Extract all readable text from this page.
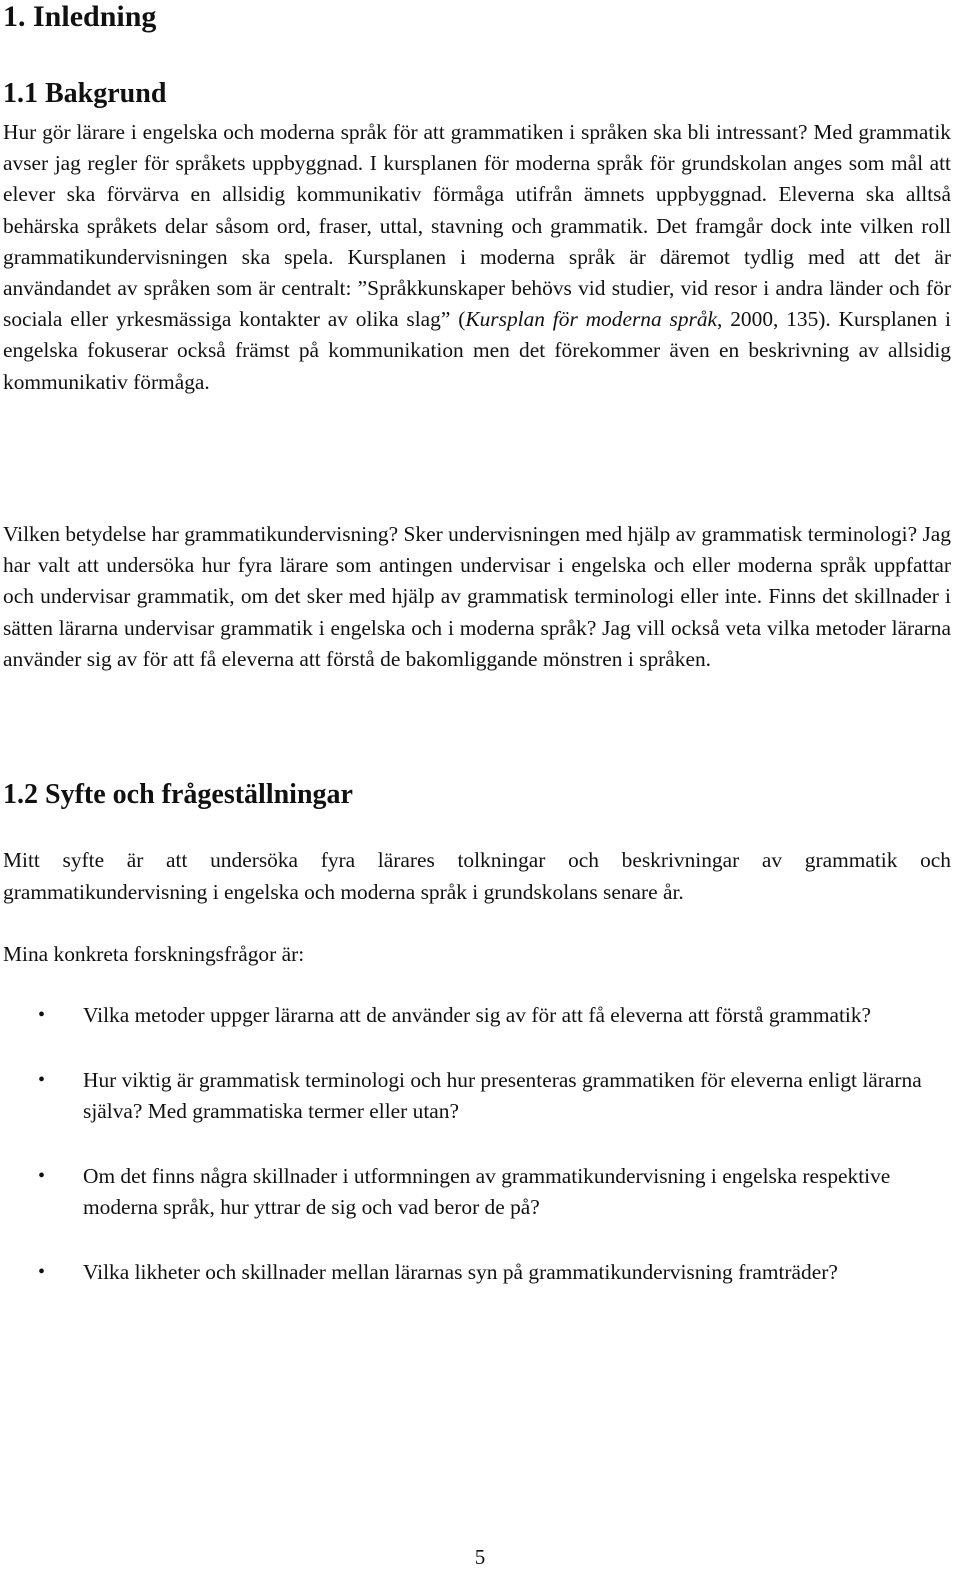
1. Inledning
1.1 Bakgrund

Hur gör lärare i engelska och moderna språk för att grammatiken i språken ska bli intressant? Med grammatik avser jag regler för språkets uppbyggnad. I kursplanen för moderna språk för grundskolan anges som mål att elever ska förvärva en allsidig kommunikativ förmåga utifrån ämnets uppbyggnad. Eleverna ska alltså behärska språkets delar såsom ord, fraser, uttal, stavning och grammatik. Det framgår dock inte vilken roll grammatikundervisningen ska spela. Kursplanen i moderna språk är däremot tydlig med att det är användandet av språken som är centralt: ”Språkkunskaper behövs vid studier, vid resor i andra länder och för sociala eller yrkesmässiga kontakter av olika slag” (Kursplan för moderna språk, 2000, 135). Kursplanen i engelska fokuserar också främst på kommunikation men det förekommer även en beskrivning av allsidig kommunikativ förmåga.

Vilken betydelse har grammatikundervisning? Sker undervisningen med hjälp av grammatisk terminologi? Jag har valt att undersöka hur fyra lärare som antingen undervisar i engelska och eller moderna språk uppfattar och undervisar grammatik, om det sker med hjälp av grammatisk terminologi eller inte. Finns det skillnader i sätten lärarna undervisar grammatik i engelska och i moderna språk? Jag vill också veta vilka metoder lärarna använder sig av för att få eleverna att förstå de bakomliggande mönstren i språken.

1.2 Syfte och frågeställningar

Mitt syfte är att undersöka fyra lärares tolkningar och beskrivningar av grammatik och grammatikundervisning i engelska och moderna språk i grundskolans senare år.

Mina konkreta forskningsfrågor är:

• Vilka metoder uppger lärarna att de använder sig av för att få eleverna att förstå grammatik?
• Hur viktig är grammatisk terminologi och hur presenteras grammatiken för eleverna enligt lärarna själva? Med grammatiska termer eller utan?
• Om det finns några skillnader i utformningen av grammatikundervisning i engelska respektive moderna språk, hur yttrar de sig och vad beror de på?
• Vilka likheter och skillnader mellan lärarnas syn på grammatikundervisning framträder?
5
